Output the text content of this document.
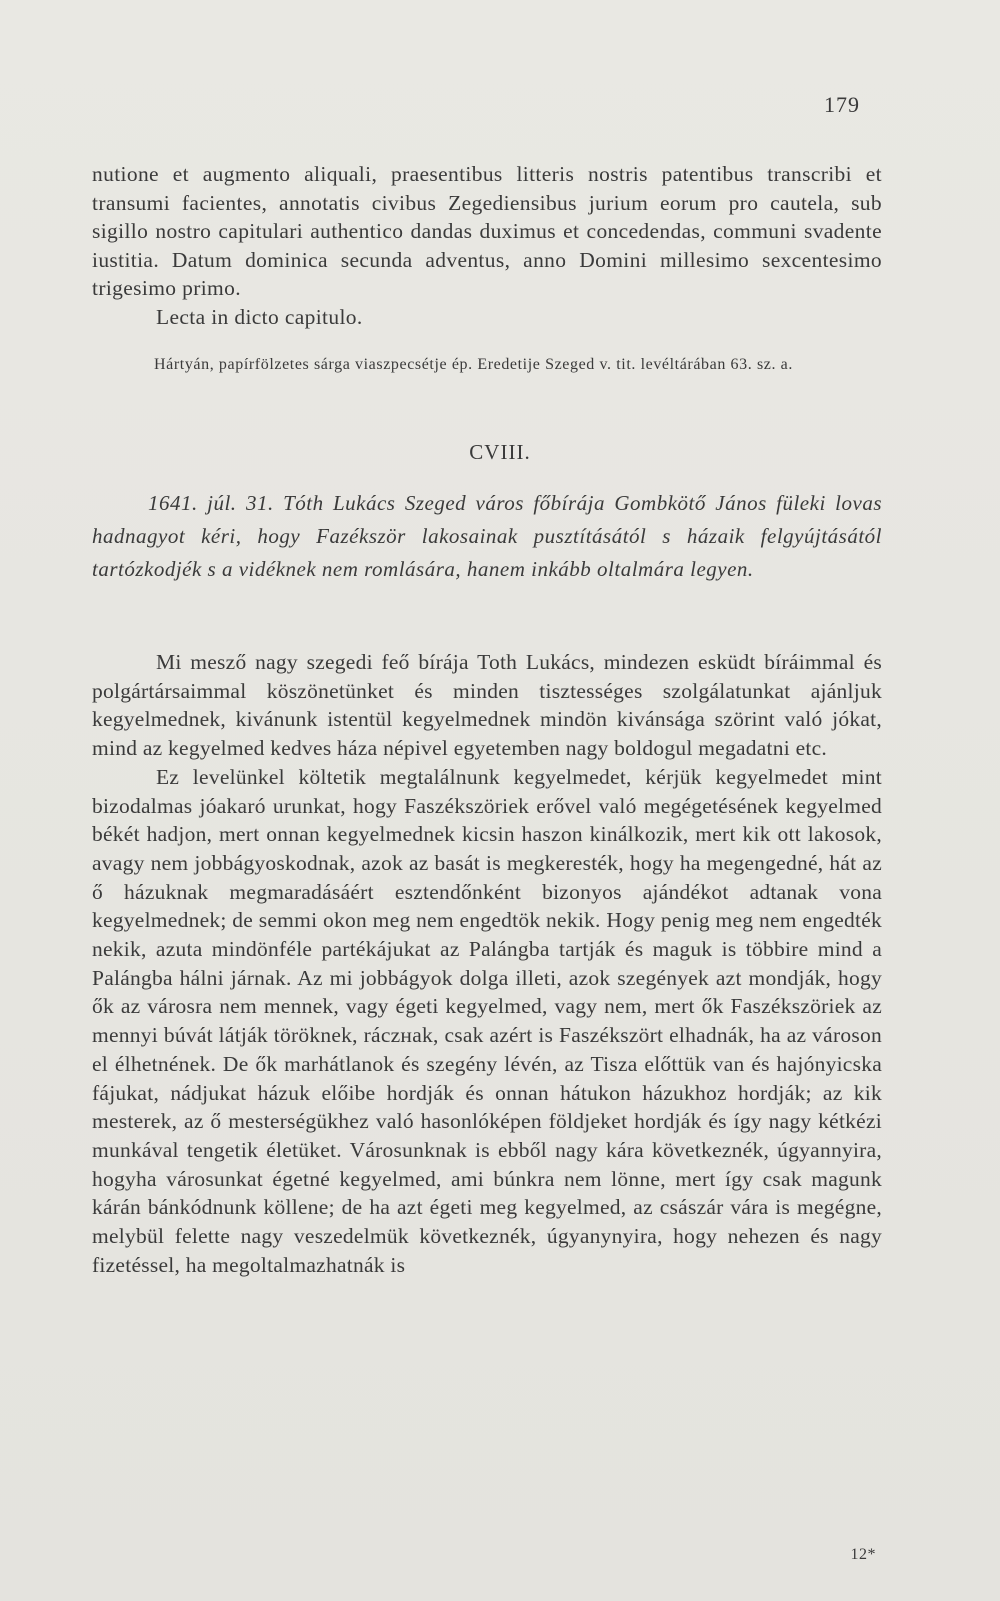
179

nutione et augmento aliquali, praesentibus litteris nostris patentibus transcribi et transumi facientes, annotatis civibus Zegediensibus jurium eorum pro cautela, sub sigillo nostro capitulari authentico dandas duximus et concedendas, communi svadente iustitia. Datum dominica secunda adventus, anno Domini millesimo sexcentesimo trigesimo primo.

Lecta in dicto capitulo.

Hártyán, papírfölzetes sárga viaszpecsétje ép. Eredetije Szeged v. tit. levéltárában 63. sz. a.

CVIII.

1641. júl. 31. Tóth Lukács Szeged város főbírája Gombkötő János füleki lovas hadnagyot kéri, hogy Fazékször lakosainak pusztításától s házaik felgyújtásától tartózkodjék s a vidéknek nem romlására, hanem inkább oltalmára legyen.

Mi mesző nagy szegedi feő bírája Toth Lukács, mindezen esküdt bíráimmal és polgártársaimmal köszönetünket és minden tisztességes szolgálatunkat ajánljuk kegyelmednek, kivánunk istentül kegyelmednek mindön kivánsága szörint való jókat, mind az kegyelmed kedves háza népivel egyetemben nagy boldogul megadatni etc.

Ez levelünkel költetik megtalálnunk kegyelmedet, kérjük kegyelmedet mint bizodalmas jóakaró urunkat, hogy Faszékszöriek erővel való megégetésének kegyelmed békét hadjon, mert onnan kegyelmednek kicsin haszon kinálkozik, mert kik ott lakosok, avagy nem jobbágyoskodnak, azok az basát is megkeresték, hogy ha megengedné, hát az ő házuknak megmaradásáért esztendőnként bizonyos ajándékot adtanak vona kegyelmednek; de semmi okon meg nem engedtök nekik. Hogy penig meg nem engedték nekik, azuta mindönféle partékájukat az Palángba tartják és maguk is többire mind a Palángba hálni járnak. Az mi jobbágyok dolga illeti, azok szegények azt mondják, hogy ők az városra nem mennek, vagy égeti kegyelmed, vagy nem, mert ők Faszékszöriek az mennyi búvát látják töröknek, ráczнak, csak azért is Faszékszört elhadnák, ha az városon el élhetnének. De ők marhátlanok és szegény lévén, az Tisza előttük van és hajónyicska fájukat, nádjukat házuk előibe hordják és onnan hátukon házukhoz hordják; az kik mesterek, az ő mesterségükhez való hasonlóképen földjeket hordják és így nagy kétkézi munkával tengetik életüket. Városunknak is ebből nagy kára következnék, úgyannyira, hogyha városunkat égetné kegyelmed, ami búnkra nem lönne, mert így csak magunk kárán bánkódnunk köllene; de ha azt égeti meg kegyelmed, az császár vára is megégne, melybül felette nagy veszedelmük következnék, úgyanynyira, hogy nehezen és nagy fizetéssel, ha megoltalmazhatnák is

12*
